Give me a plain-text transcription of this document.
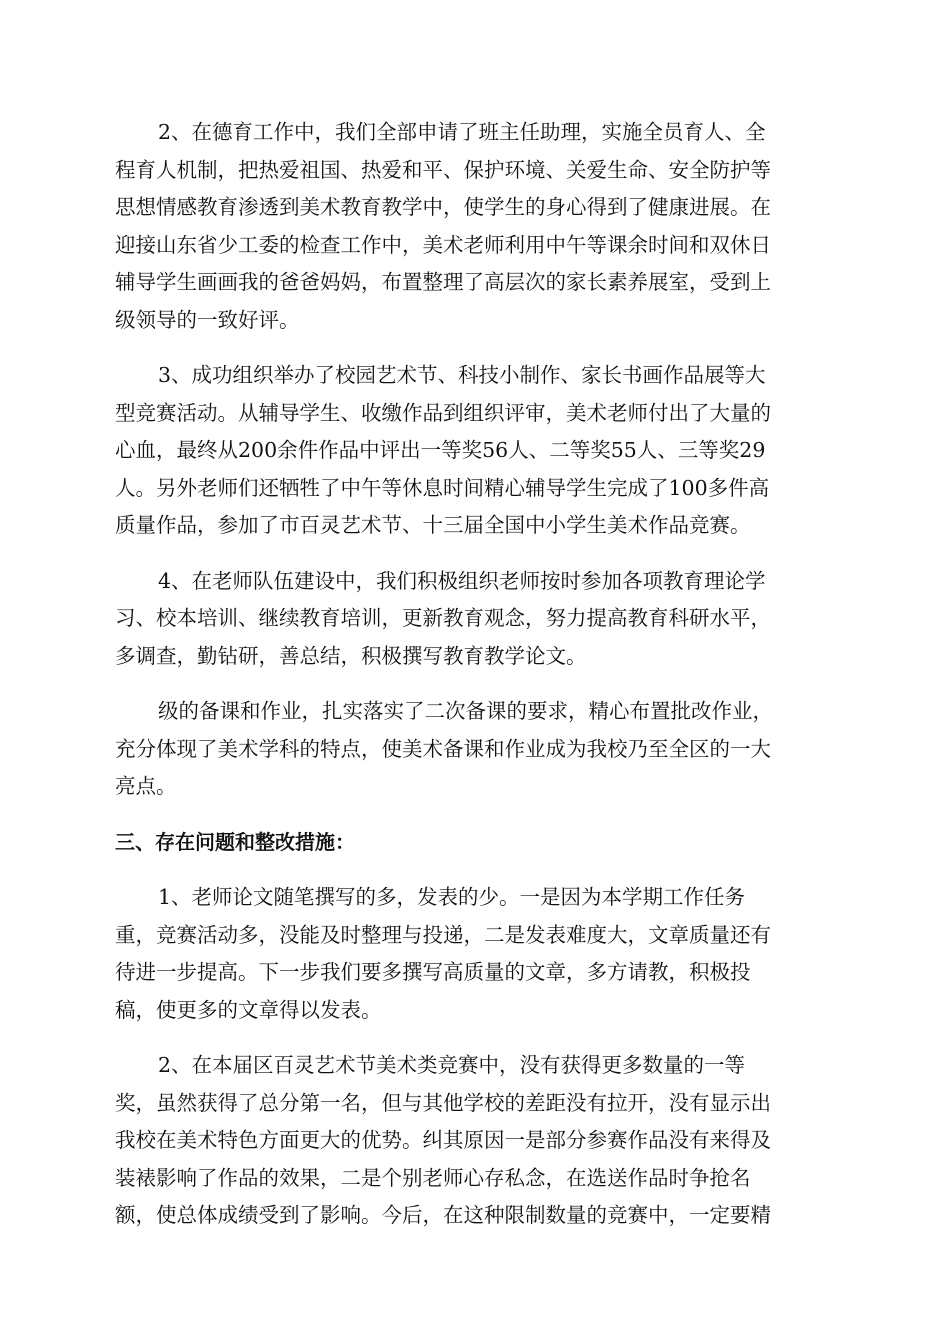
2、在德育工作中，我们全部申请了班主任助理，实施全员育人、全
程育人机制，把热爱祖国、热爱和平、保护环境、关爱生命、安全防护等
思想情感教育渗透到美术教育教学中，使学生的身心得到了健康进展。在
迎接山东省少工委的检查工作中，美术老师利用中午等课余时间和双休日
辅导学生画画我的爸爸妈妈，布置整理了高层次的家长素养展室，受到上
级领导的一致好评。
3、成功组织举办了校园艺术节、科技小制作、家长书画作品展等大
型竞赛活动。从辅导学生、收缴作品到组织评审，美术老师付出了大量的
心血，最终从200余件作品中评出一等奖56人、二等奖55人、三等奖29
人。另外老师们还牺牲了中午等休息时间精心辅导学生完成了100多件高
质量作品，参加了市百灵艺术节、十三届全国中小学生美术作品竞赛。
4、在老师队伍建设中，我们积极组织老师按时参加各项教育理论学
习、校本培训、继续教育培训，更新教育观念，努力提高教育科研水平，
多调查，勤钻研，善总结，积极撰写教育教学论文。
级的备课和作业，扎实落实了二次备课的要求，精心布置批改作业，
充分体现了美术学科的特点，使美术备课和作业成为我校乃至全区的一大
亮点。
三、存在问题和整改措施：
1、老师论文随笔撰写的多，发表的少。一是因为本学期工作任务
重，竞赛活动多，没能及时整理与投递，二是发表难度大，文章质量还有
待进一步提高。下一步我们要多撰写高质量的文章，多方请教，积极投
稿，使更多的文章得以发表。
2、在本届区百灵艺术节美术类竞赛中，没有获得更多数量的一等
奖，虽然获得了总分第一名，但与其他学校的差距没有拉开，没有显示出
我校在美术特色方面更大的优势。纠其原因一是部分参赛作品没有来得及
装裱影响了作品的效果，二是个别老师心存私念，在选送作品时争抢名
额，使总体成绩受到了影响。今后，在这种限制数量的竞赛中，一定要精
